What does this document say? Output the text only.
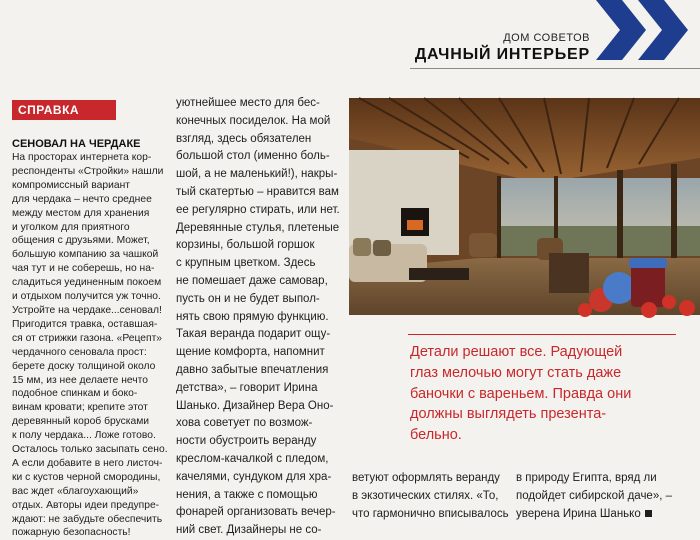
ДОМ СОВЕТОВ
ДАЧНЫЙ ИНТЕРЬЕР
СПРАВКА
СЕНОВАЛ НА ЧЕРДАКЕ
На просторах интернета кор-
респонденты «Стройки» нашли
компромиссный вариант
для чердака – нечто среднее
между местом для хранения
и уголком для приятного
общения с друзьями. Может,
большую компанию за чашкой
чая тут и не соберешь, но на-
сладиться уединенным покоем
и отдыхом получится уж точно.
Устройте на чердаке...сеновал!
Пригодится травка, оставшая-
ся от стрижки газона. «Рецепт»
чердачного сеновала прост:
берете доску толщиной около
15 мм, из нее делаете нечто
подобное спинкам и боко-
винам кровати; крепите этот
деревянный короб брусками
к полу чердака... Ложе готово.
Осталось только засыпать сено.
А если добавите в него листоч-
ки с кустов черной смородины,
вас ждет «благоухающий»
отдых. Авторы идеи предупре-
ждают: не забудьте обеспечить
пожарную безопасность!
уютнейшее место для бес-
конечных посиделок. На мой
взгляд, здесь обязателен
большой стол (именно боль-
шой, а не маленький!), накры-
тый скатертью – нравится вам
ее регулярно стирать, или нет.
Деревянные стулья, плетеные
корзины, большой горшок
с крупным цветком. Здесь
не помешает даже самовар,
пусть он и не будет выпол-
нять свою прямую функцию.
Такая веранда подарит ощу-
щение комфорта, напомнит
давно забытые впечатления
детства», – говорит Ирина
Шанько. Дизайнер Вера Оно-
хова советует по возмож-
ности обустроить веранду
креслом-качалкой с пледом,
качелями, сундуком для хра-
нения, а также с помощью
фонарей организовать вечер-
ний свет. Дизайнеры не со-
Детали решают все. Радующей
глаз мелочью могут стать даже
баночки с вареньем. Правда они
должны выглядеть презента-
бельно.
ветуют оформлять веранду
в экзотических стилях. «То,
что гармонично вписывалось
в природу Египта, вряд ли
подойдет сибирской даче», –
уверена Ирина Шанько
